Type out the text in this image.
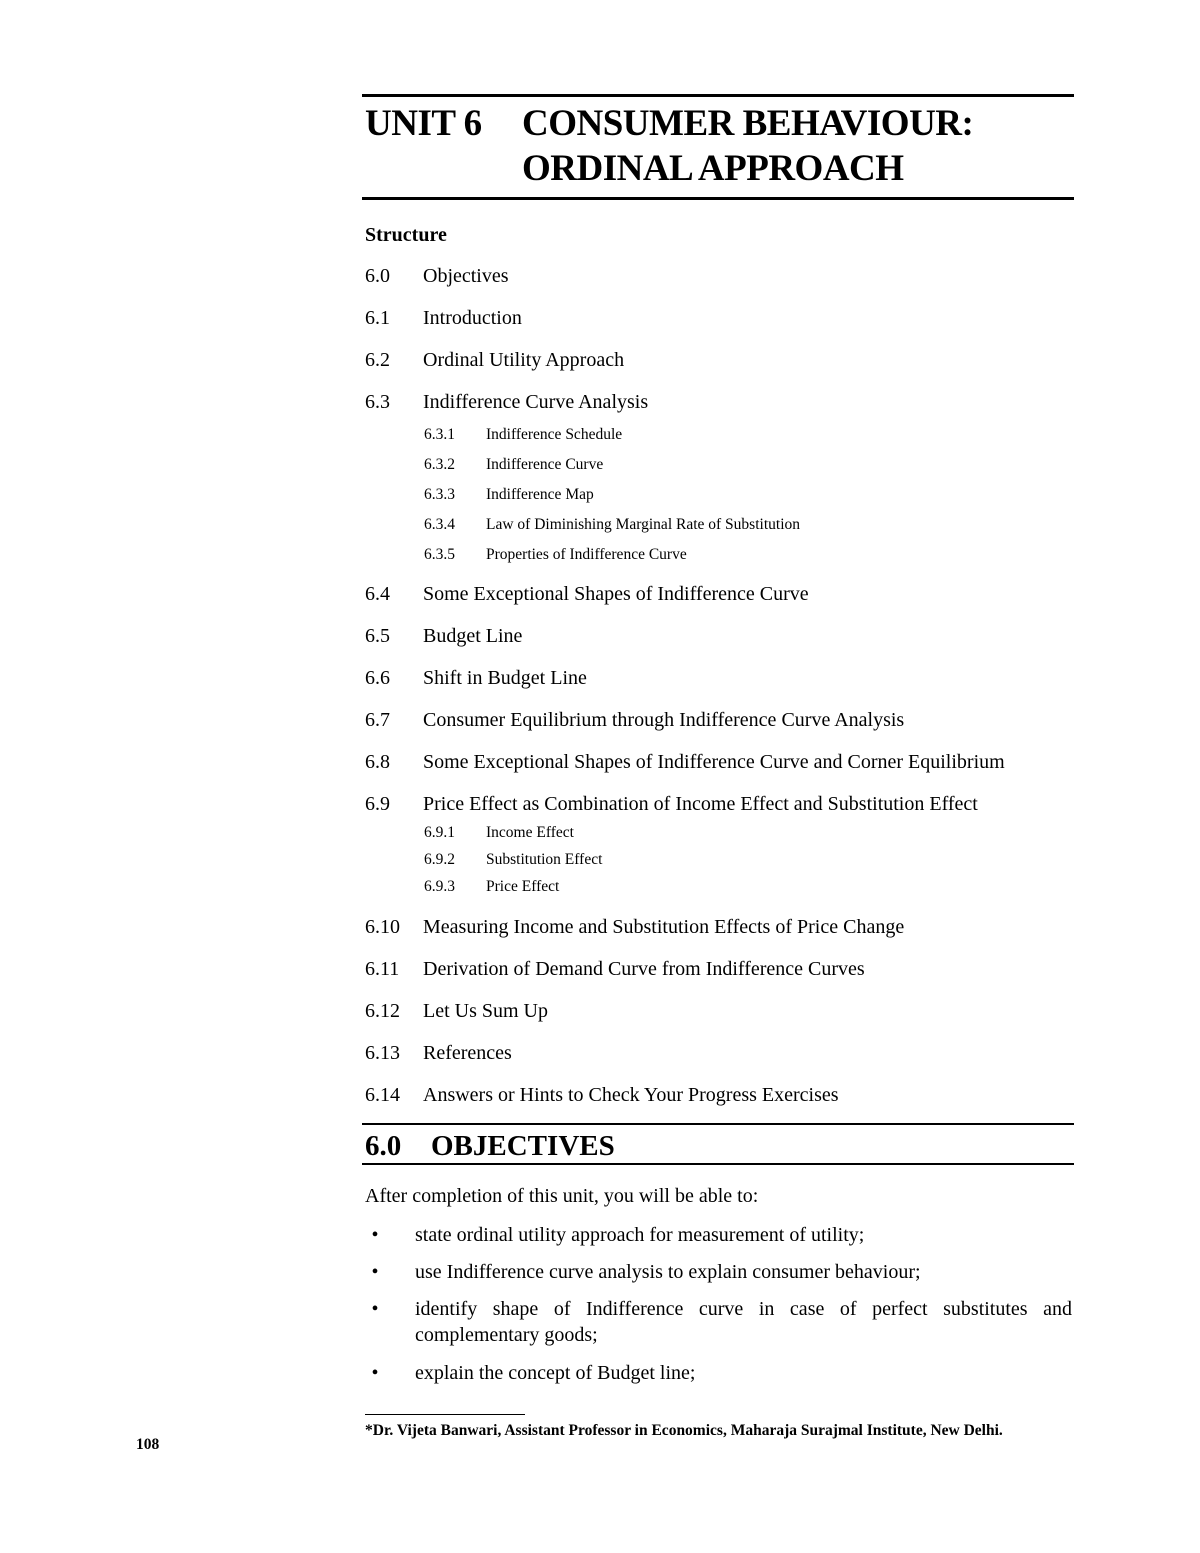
UNIT 6 CONSUMER BEHAVIOUR:
ORDINAL APPROACH
Structure
6.0 Objectives
6.1 Introduction
6.2 Ordinal Utility Approach
6.3 Indifference Curve Analysis
6.3.1 Indifference Schedule
6.3.2 Indifference Curve
6.3.3 Indifference Map
6.3.4 Law of Diminishing Marginal Rate of Substitution
6.3.5 Properties of Indifference Curve
6.4 Some Exceptional Shapes of Indifference Curve
6.5 Budget Line
6.6 Shift in Budget Line
6.7 Consumer Equilibrium through Indifference Curve Analysis
6.8 Some Exceptional Shapes of Indifference Curve and Corner Equilibrium
6.9 Price Effect as Combination of Income Effect and Substitution Effect
6.9.1 Income Effect
6.9.2 Substitution Effect
6.9.3 Price Effect
6.10 Measuring Income and Substitution Effects of Price Change
6.11 Derivation of Demand Curve from Indifference Curves
6.12 Let Us Sum Up
6.13 References
6.14 Answers or Hints to Check Your Progress Exercises
6.0 OBJECTIVES
After completion of this unit, you will be able to:
•	state ordinal utility approach for measurement of utility;
•	use Indifference curve analysis to explain consumer behaviour;
•	identify shape of Indifference curve in case of perfect substitutes and complementary goods;
•	explain the concept of Budget line;
*Dr. Vijeta Banwari, Assistant Professor in Economics, Maharaja Surajmal Institute, New Delhi.
108
